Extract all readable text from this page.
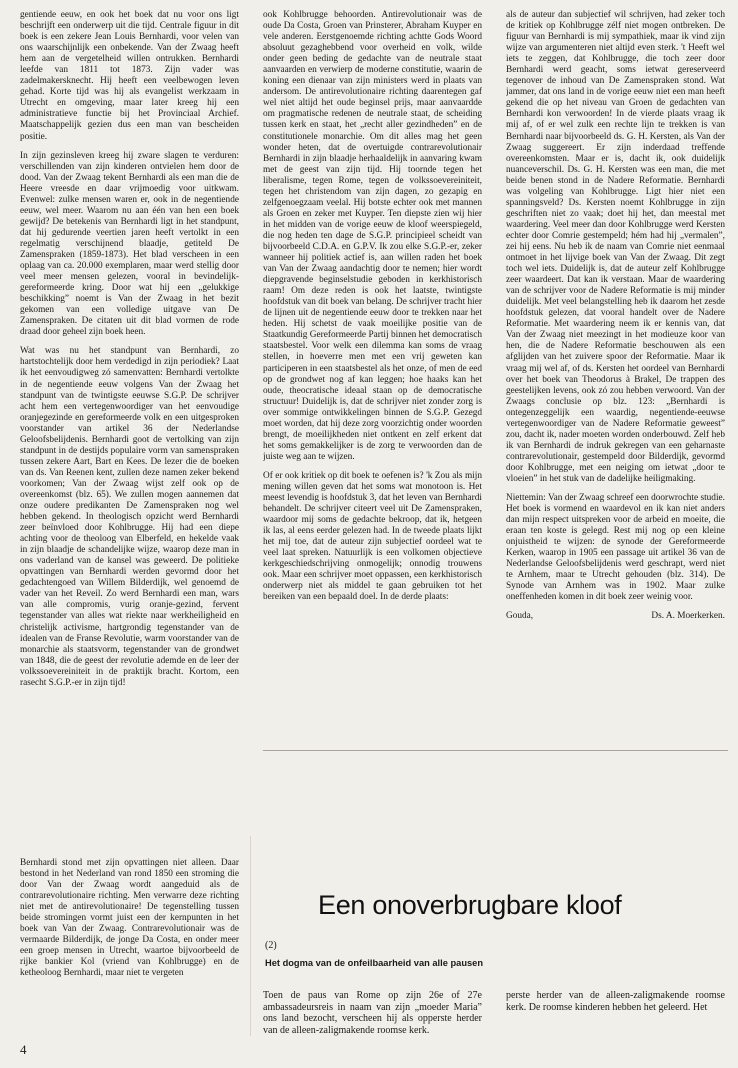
gentiende eeuw, en ook het boek dat nu voor ons ligt beschrijft een onderwerp uit die tijd. Centrale figuur in dit boek is een zekere Jean Louis Bernhardi, voor velen van ons waarschijnlijk een onbekende. Van der Zwaag heeft hem aan de vergetelheid willen ontrukken. Bernhardi leefde van 1811 tot 1873. Zijn vader was zadelmakersknecht. Hij heeft een veelbewogen leven gehad. Korte tijd was hij als evangelist werkzaam in Utrecht en omgeving, maar later kreeg hij een administratieve functie bij het Provinciaal Archief. Maatschappelijk gezien dus een man van bescheiden positie.

In zijn gezinsleven kreeg hij zware slagen te verduren: verschillenden van zijn kinderen ontvielen hem door de dood. Van der Zwaag tekent Bernhardi als een man die de Heere vreesde en daar vrijmoedig voor uitkwam. Evenwel: zulke mensen waren er, ook in de negentiende eeuw, wel meer. Waarom nu aan één van hen een boek gewijd? De betekenis van Bernhardi ligt in het standpunt, dat hij gedurende veertien jaren heeft vertolkt in een regelmatig verschijnend blaadje, getiteld De Zamenspraken (1859-1873). Het blad verscheen in een oplaag van ca. 20.000 exemplaren, maar werd stellig door veel meer mensen gelezen, vooral in bevindelijk-gereformeerde kring. Door wat hij een „gelukkige beschikking” noemt is Van der Zwaag in het bezit gekomen van een volledige uitgave van De Zamenspraken. De citaten uit dit blad vormen de rode draad door geheel zijn boek heen.

Wat was nu het standpunt van Bernhardi, zo hartstochtelijk door hem verdedigd in zijn periodiek? Laat ik het eenvoudigweg zó samenvatten: Bernhardi vertolkte in de negentiende eeuw volgens Van der Zwaag het standpunt van de twintigste eeuwse S.G.P. De schrijver acht hem een vertegenwoordiger van het eenvoudige oranjegezinde en gereformeerde volk en een uitgesproken voorstander van artikel 36 der Nederlandse Geloofsbelijdenis. Bernhardi goot de vertolking van zijn standpunt in de destijds populaire vorm van samenspraken tussen zekere Aart, Bart en Kees. De lezer die de boeken van ds. Van Reenen kent, zullen deze namen zeker bekend voorkomen; Van der Zwaag wijst zelf ook op de overeenkomst (blz. 65). We zullen mogen aannemen dat onze oudere predikanten De Zamenspraken nog wel hebben gekend. In theologisch opzicht werd Bernhardi zeer beïnvloed door Kohlbrugge. Hij had een diepe achting voor de theoloog van Elberfeld, en hekelde vaak in zijn blaadje de schandelijke wijze, waarop deze man in ons vaderland van de kansel was geweerd. De politieke opvattingen van Bernhardi werden gevormd door het gedachtengoed van Willem Bilderdijk, wel genoemd de vader van het Reveil. Zo werd Bernhardi een man, wars van alle compromis, vurig oranje-gezind, fervent tegenstander van alles wat riekte naar werkheiligheid en christelijk activisme, hartgrondig tegenstander van de idealen van de Franse Revolutie, warm voorstander van de monarchie als staatsvorm, tegenstander van de grondwet van 1848, die de geest der revolutie ademde en de leer der volkssoevereiniteit in de praktijk bracht. Kortom, een rasecht S.G.P.-er in zijn tijd!

ook Kohlbrugge behoorden. Antirevolutionair was de oude Da Costa, Groen van Prinsterer, Abraham Kuyper en vele anderen. Eerstgenoemde richting achtte Gods Woord absoluut gezaghebbend voor overheid en volk, wilde onder geen beding de gedachte van de neutrale staat aanvaarden en verwierp de moderne constitutie, waarin de koning een dienaar van zijn ministers werd in plaats van andersom. De antirevolutionaire richting daarentegen gaf wel niet altijd het oude beginsel prijs, maar aanvaardde om pragmatische redenen de neutrale staat, de scheiding tussen kerk en staat, het „recht aller gezindheden” en de constitutionele monarchie. Om dit alles mag het geen wonder heten, dat de overtuigde contrarevolutionair Bernhardi in zijn blaadje herhaaldelijk in aanvaring kwam met de geest van zijn tijd. Hij toornde tegen het liberalisme, tegen Rome, tegen de volkssoevereiniteit, tegen het christendom van zijn dagen, zo gezapig en zelfgenoegzaam veelal. Hij botste echter ook met mannen als Groen en zeker met Kuyper. Ten diepste zien wij hier in het midden van de vorige eeuw de kloof weerspiegeld, die nog heden ten dage de S.G.P. principieel scheidt van bijvoorbeeld C.D.A. en G.P.V. Ik zou elke S.G.P.-er, zeker wanneer hij politiek actief is, aan willen raden het boek van Van der Zwaag aandachtig door te nemen; hier wordt diepgravende beginselstudie geboden in kerkhistorisch raam! Om deze reden is ook het laatste, twintigste hoofdstuk van dit boek van belang. De schrijver tracht hier de lijnen uit de negentiende eeuw door te trekken naar het heden. Hij schetst de vaak moeilijke positie van de Staatkundig Gereformeerde Partij binnen het democratisch staatsbestel. Voor welk een dilemma kan soms de vraag stellen, in hoeverre men met een vrij geweten kan participeren in een staatsbestel als het onze, of men de eed op de grondwet nog af kan leggen; hoe haaks kan het oude, theocratische ideaal staan op de democratische structuur! Duidelijk is, dat de schrijver niet zonder zorg is over sommige ontwikkelingen binnen de S.G.P. Gezegd moet worden, dat hij deze zorg voorzichtig onder woorden brengt, de moeilijkheden niet ontkent en zelf erkent dat het soms gemakkelijker is de zorg te verwoorden dan de juiste weg aan te wijzen.

Of er ook kritiek op dit boek te oefenen is? 'k Zou als mijn mening willen geven dat het soms wat monotoon is. Het meest levendig is hoofdstuk 3, dat het leven van Bernhardi behandelt. De schrijver citeert veel uit De Zamenspraken, waardoor mij soms de gedachte bekroop, dat ik, hetgeen ik las, al eens eerder gelezen had. In de tweede plaats lijkt het mij toe, dat de auteur zijn subjectief oordeel wat te veel laat spreken. Natuurlijk is een volkomen objectieve kerkgeschiedschrijving onmogelijk; onnodig trouwens ook. Maar een schrijver moet oppassen, een kerkhistorisch onderwerp niet als middel te gaan gebruiken tot het bereiken van een bepaald doel. In de derde plaats:

als de auteur dan subjectief wil schrijven, had zeker toch de kritiek op Kohlbrugge zélf niet mogen ontbreken. De figuur van Bernhardi is mij sympathiek, maar ik vind zijn wijze van argumenteren niet altijd even sterk. 't Heeft wel iets te zeggen, dat Kohlbrugge, die toch zeer door Bernhardi werd geacht, soms ietwat gereserveerd tegenover de inhoud van De Zamenspraken stond. Wat jammer, dat ons land in de vorige eeuw niet een man heeft gekend die op het niveau van Groen de gedachten van Bernhardi kon verwoorden! In de vierde plaats vraag ik mij af, of er wel zulk een rechte lijn te trekken is van Bernhardi naar bijvoorbeeld ds. G. H. Kersten, als Van der Zwaag suggereert. Er zijn inderdaad treffende overeenkomsten. Maar er is, dacht ik, ook duidelijk nuanceverschil. Ds. G. H. Kersten was een man, die met beide benen stond in de Nadere Reformatie. Bernhardi was volgeling van Kohlbrugge. Ligt hier niet een spanningsveld? Ds. Kersten noemt Kohlbrugge in zijn geschriften niet zo vaak; doet hij het, dan meestal met waardering. Veel meer dan door Kohlbrugge werd Kersten echter door Comrie gestempeld; hém had hij „vermalen”, zei hij eens. Nu heb ik de naam van Comrie niet eenmaal ontmoet in het lijvige boek van Van der Zwaag. Dit zegt toch wel iets. Duidelijk is, dat de auteur zelf Kohlbrugge zeer waardeert. Dat kan ik verstaan. Maar de waardering van de schrijver voor de Nadere Reformatie is mij minder duidelijk. Met veel belangstelling heb ik daarom het zesde hoofdstuk gelezen, dat vooral handelt over de Nadere Reformatie. Met waardering neem ik er kennis van, dat Van der Zwaag niet meezingt in het modieuze koor van hen, die de Nadere Reformatie beschouwen als een afglijden van het zuivere spoor der Reformatie. Maar ik vraag mij wel af, of ds. Kersten het oordeel van Bernhardi over het boek van Theodorus à Brakel, De trappen des geestelijken levens, ook zó zou hebben verwoord. Van der Zwaags conclusie op blz. 123: „Bernhardi is ontegenzeggelijk een waardig, negentiende-eeuwse vertegenwoordiger van de Nadere Reformatie geweest” zou, dacht ik, nader moeten worden onderbouwd. Zelf heb ik van Bernhardi de indruk gekregen van een geharnaste contrarevolutionair, gestempeld door Bilderdijk, gevormd door Kohlbrugge, met een neiging om ietwat „door te vloeien” in het stuk van de dadelijke heiligmaking.

Niettemin: Van der Zwaag schreef een doorwrochte studie. Het boek is vormend en waardevol en ik kan niet anders dan mijn respect uitspreken voor de arbeid en moeite, die eraan ten koste is gelegd. Rest mij nog op een kleine onjuistheid te wijzen: de synode der Gereformeerde Kerken, waarop in 1905 een passage uit artikel 36 van de Nederlandse Geloofsbelijdenis werd geschrapt, werd niet te Arnhem, maar te Utrecht gehouden (blz. 314). De Synode van Arnhem was in 1902. Maar zulke oneffenheden komen in dit boek zeer weinig voor.

Gouda,	Ds. A. Moerkerken.

Bernhardi stond met zijn opvattingen niet alleen. Daar bestond in het Nederland van rond 1850 een stroming die door Van der Zwaag wordt aangeduid als de contrarevolutionaire richting. Men verwarre deze richting niet met de antirevolutionaire! De tegenstelling tussen beide stromingen vormt juist een der kernpunten in het boek van Van der Zwaag. Contrarevolutionair was de vermaarde Bilderdijk, de jonge Da Costa, en onder meer een groep mensen in Utrecht, waartoe bijvoorbeeld de rijke bankier Kol (vriend van Kohlbrugge) en de ketheoloog Bernhardi, maar niet te vergeten

Een onoverbrugbare kloof
(2)
Het dogma van de onfeilbaarheid van alle pausen
Toen de paus van Rome op zijn 26e of 27e ambassadeursreis in naam van zijn „moeder Maria” ons land bezocht, verscheen hij als opperste herder van de alleen-zaligmakende roomse kerk.
perste herder van de alleen-zaligmakende roomse kerk. De roomse kinderen hebben het geleerd. Het
4
